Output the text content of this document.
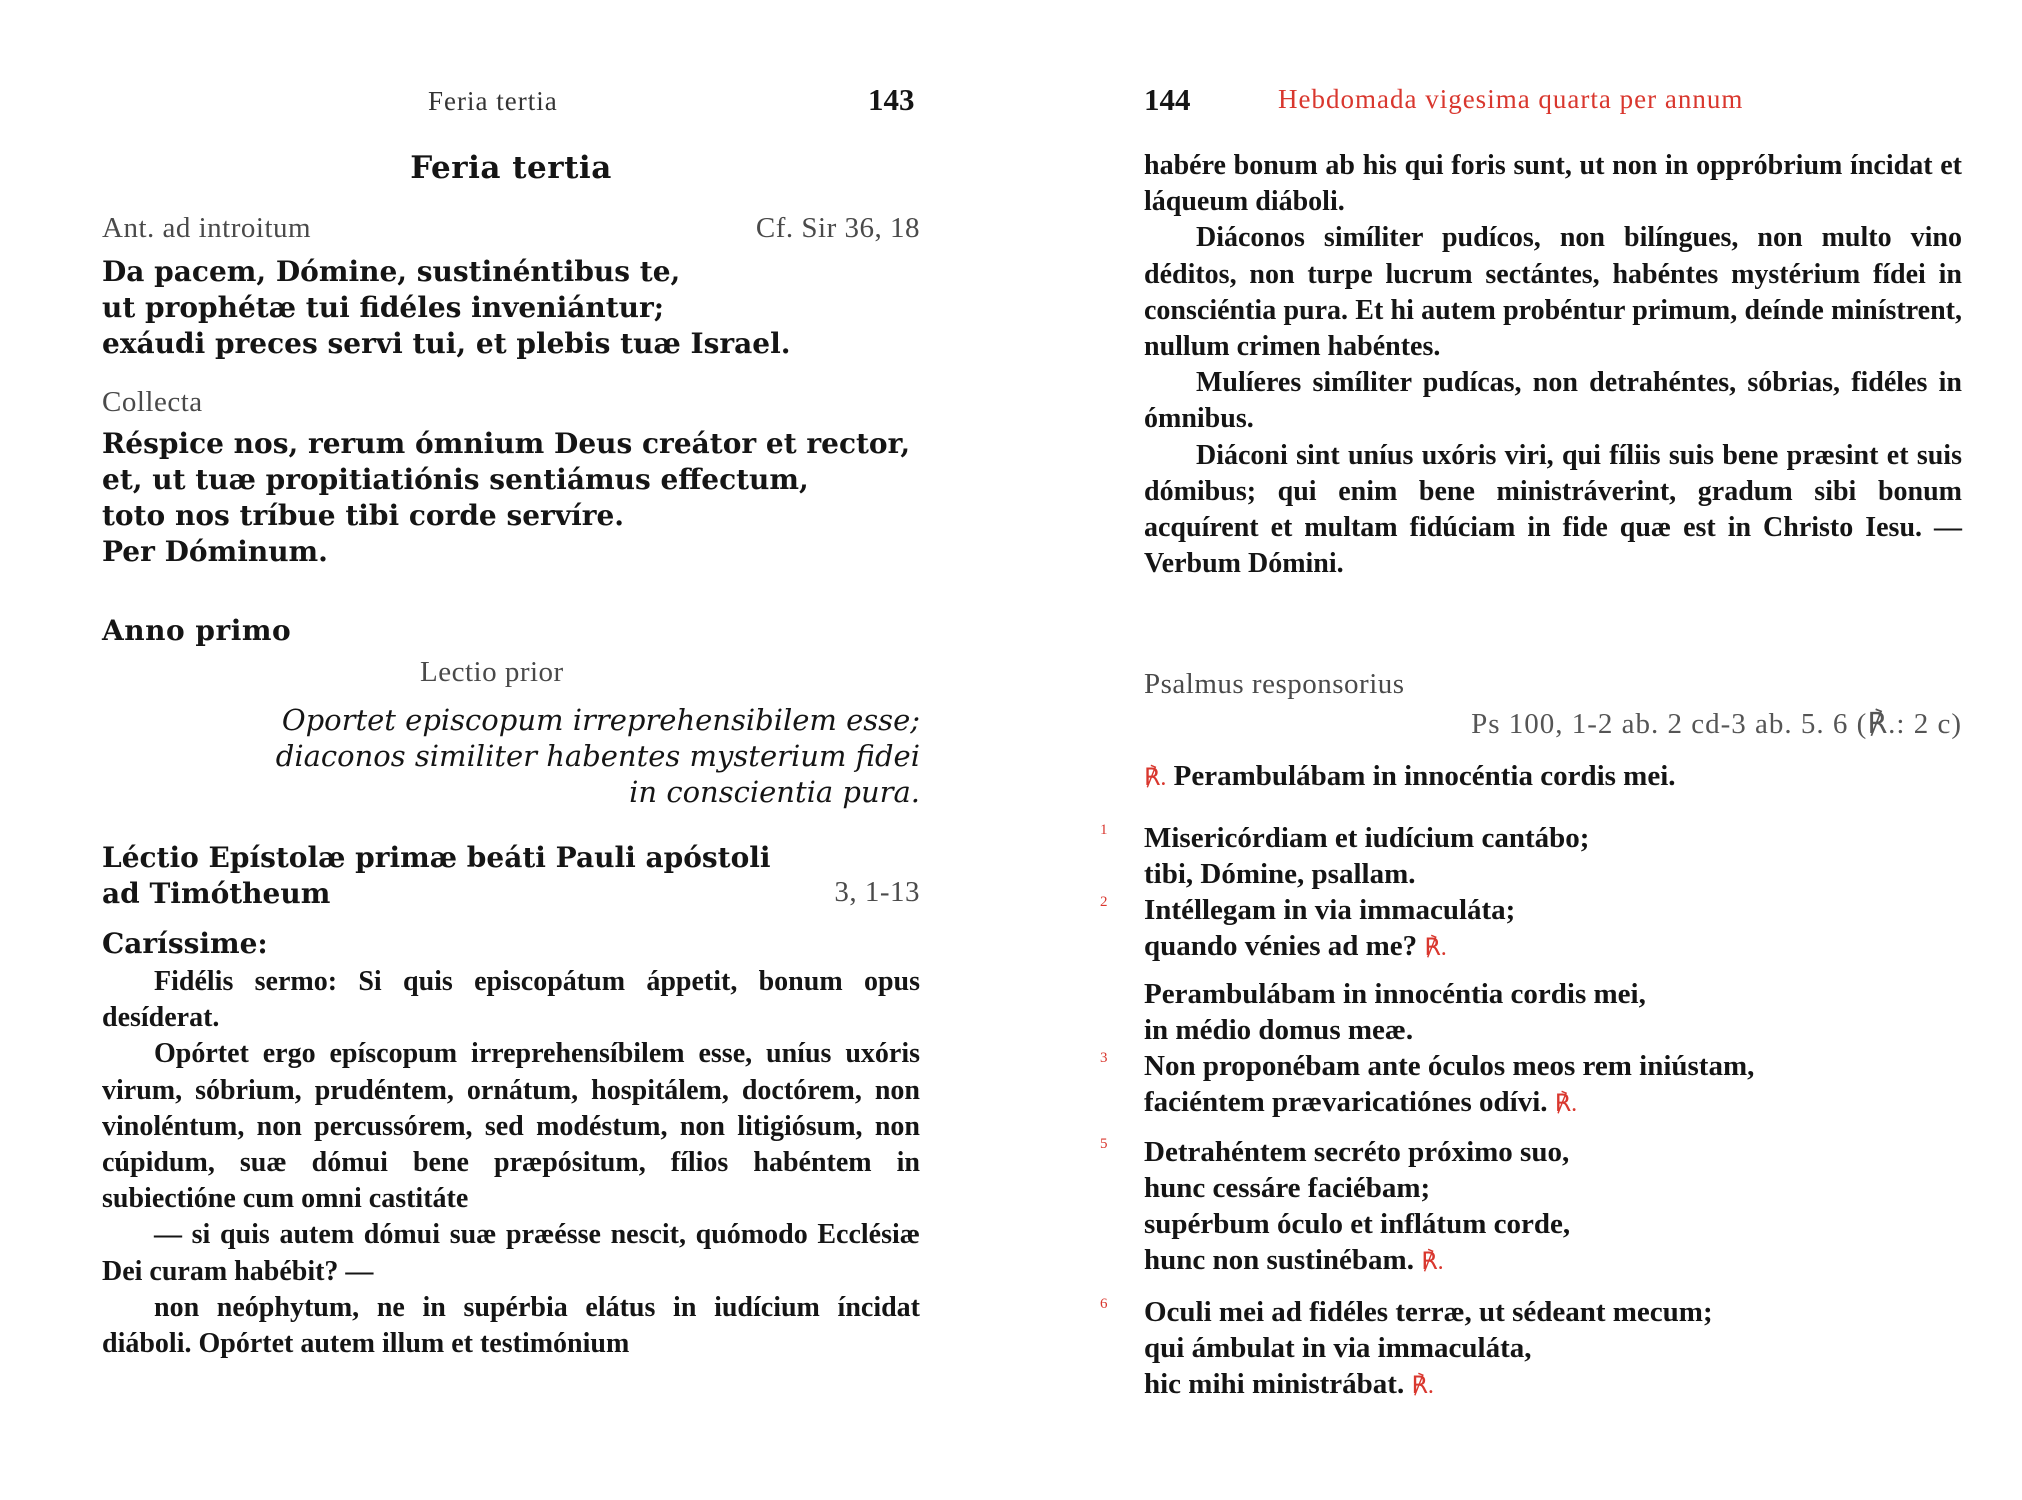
Feria tertia	143
Feria tertia
Ant. ad introitum	Cf. Sir 36, 18
Da pacem, Dómine, sustinéntibus te,
ut prophétæ tui fidéles inveniántur;
exáudi preces servi tui, et plebis tuæ Israel.
Collecta
Réspice nos, rerum ómnium Deus creátor et rector,
et, ut tuæ propitiatiónis sentiámus effectum,
toto nos tríbue tibi corde servíre.
Per Dóminum.
Anno primo
Lectio prior
Oportet episcopum irreprehensibilem esse;
diaconos similiter habentes mysterium fidei
in conscientia pura.
Léctio Epístolæ primæ beáti Pauli apóstoli
ad Timótheum	3, 1-13
Caríssime:

Fidélis sermo: Si quis episcopátum áppetit, bonum opus desíderat.

Opórtet ergo epíscopum irreprehensíbilem esse, uníus uxóris virum, sóbrium, prudéntem, ornátum, hospitálem, doctórem, non vinoléntum, non percussórem, sed modéstum, non litigiósum, non cúpidum, suæ dómui bene præpósitum, fílios habéntem in subiectióne cum omni castitáte

— si quis autem dómui suæ præésse nescit, quómodo Ecclésiæ Dei curam habébit? —

non neóphytum, ne in supérbia elátus in iudícium íncidat diáboli. Opórtet autem illum et testimónium

144	Hebdomada vigesima quarta per annum

habére bonum ab his qui foris sunt, ut non in oppróbrium íncidat et láqueum diáboli.

Diáconos simíliter pudícos, non bilíngues, non multo vino déditos, non turpe lucrum sectántes, habéntes mystérium fídei in consciéntia pura. Et hi autem probéntur primum, deínde minístrent, nullum crimen habéntes.

Mulíeres simíliter pudícas, non detrahéntes, sóbrias, fidéles in ómnibus.

Diáconi sint uníus uxóris viri, qui fíliis suis bene præsint et suis dómibus; qui enim bene ministráverint, gradum sibi bonum acquírent et multam fidúciam in fide quæ est in Christo Iesu. — Verbum Dómini.

Psalmus responsorius
Ps 100, 1-2 ab. 2 cd-3 ab. 5. 6 (℟.: 2 c)
℟. Perambulábam in innocéntia cordis mei.
1 Misericórdiam et iudícium cantábo;
tibi, Dómine, psallam.
2 Intéllegam in via immaculáta;
quando vénies ad me? ℟.
Perambulábam in innocéntia cordis mei,
in médio domus meæ.
3 Non proponébam ante óculos meos rem iniústam,
faciéntem prævaricatiónes odívi. ℟.
5 Detrahéntem secréto próximo suo,
hunc cessáre faciébam;
supérbum óculo et inflátum corde,
hunc non sustinébam. ℟.
6 Oculi mei ad fidéles terræ, ut sédeant mecum;
qui ámbulat in via immaculáta,
hic mihi ministrábat. ℟.
